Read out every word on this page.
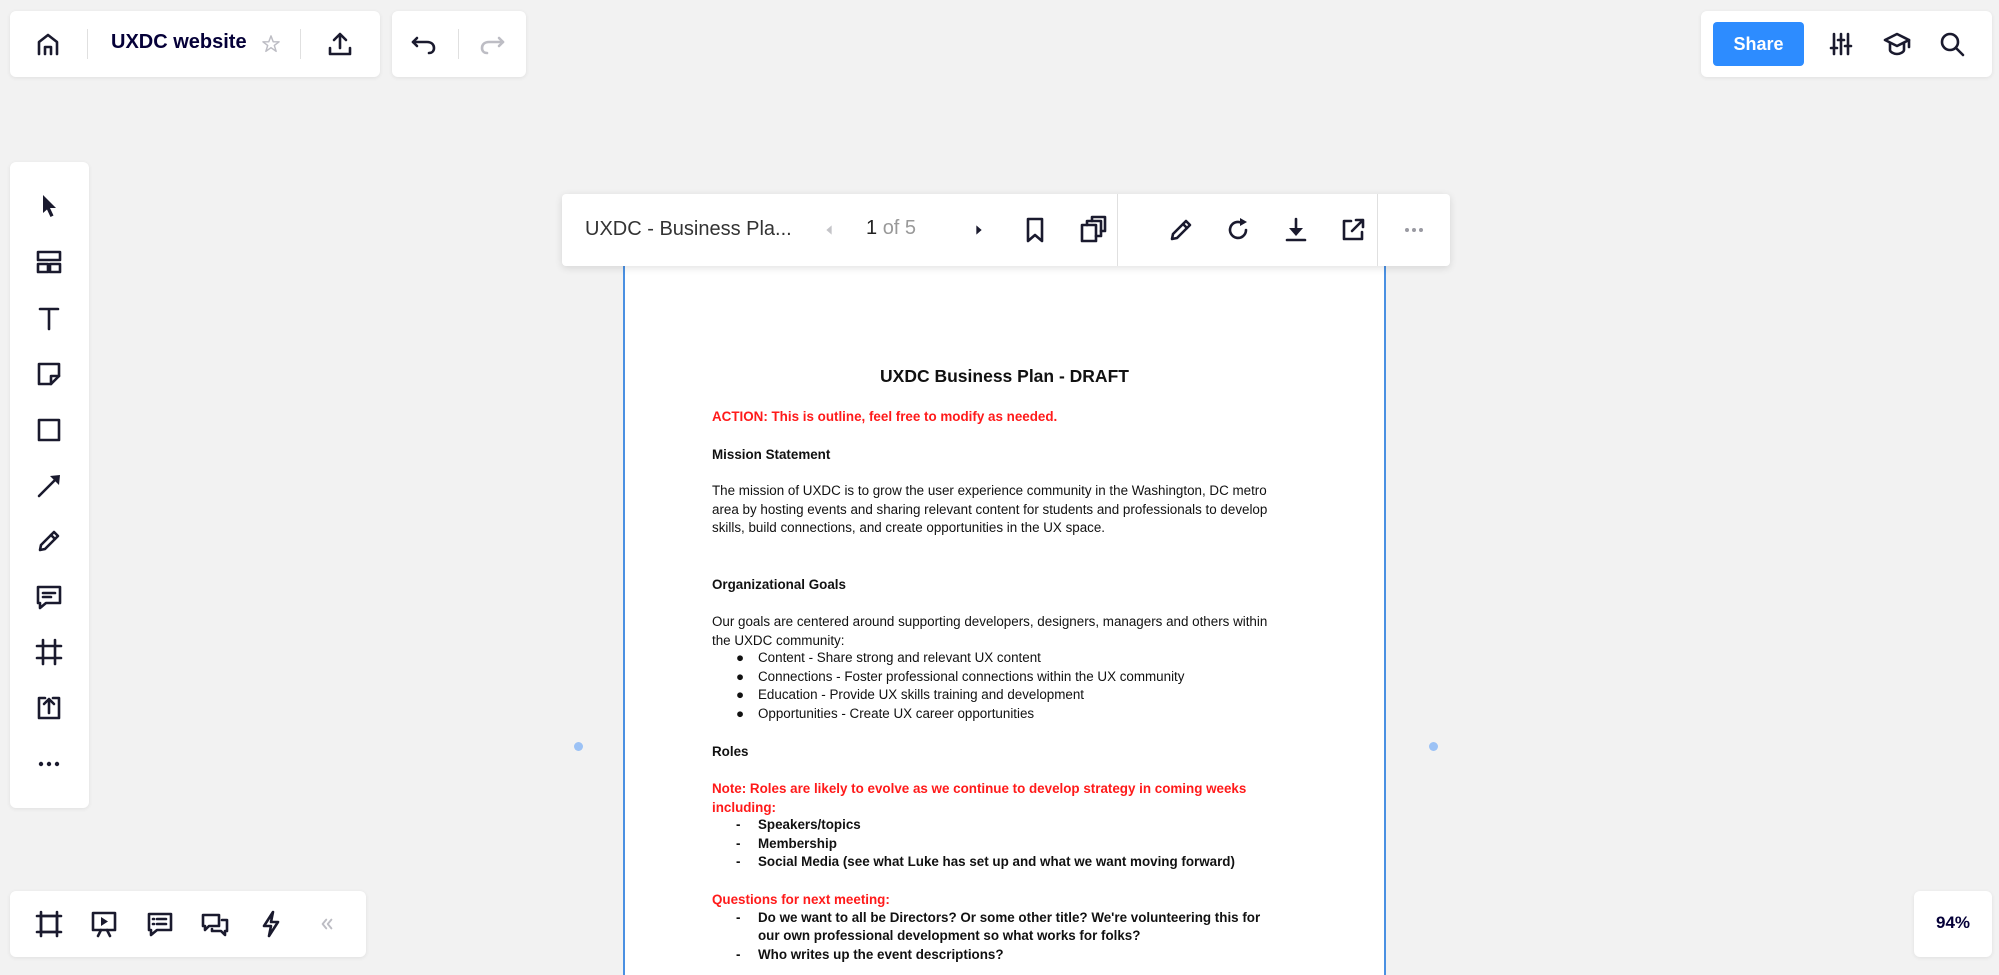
UXDC website	Share
UXDC Business Plan - DRAFT
ACTION: This is outline, feel free to modify as needed.
Mission Statement
The mission of UXDC is to grow the user experience community in the Washington, DC metro
area by hosting events and sharing relevant content for students and professionals to develop
skills, build connections, and create opportunities in the UX space.
Organizational Goals
Our goals are centered around supporting developers, designers, managers and others within
the UXDC community:
● Content - Share strong and relevant UX content
● Connections - Foster professional connections within the UX community
● Education - Provide UX skills training and development
● Opportunities - Create UX career opportunities
Roles
Note: Roles are likely to evolve as we continue to develop strategy in coming weeks
including:
- Speakers/topics
- Membership
- Social Media (see what Luke has set up and what we want moving forward)
Questions for next meeting:
- Do we want to all be Directors? Or some other title? We're volunteering this for
our own professional development so what works for folks?
- Who writes up the event descriptions?
UXDC - Business Pla...	1 of 5
94%
